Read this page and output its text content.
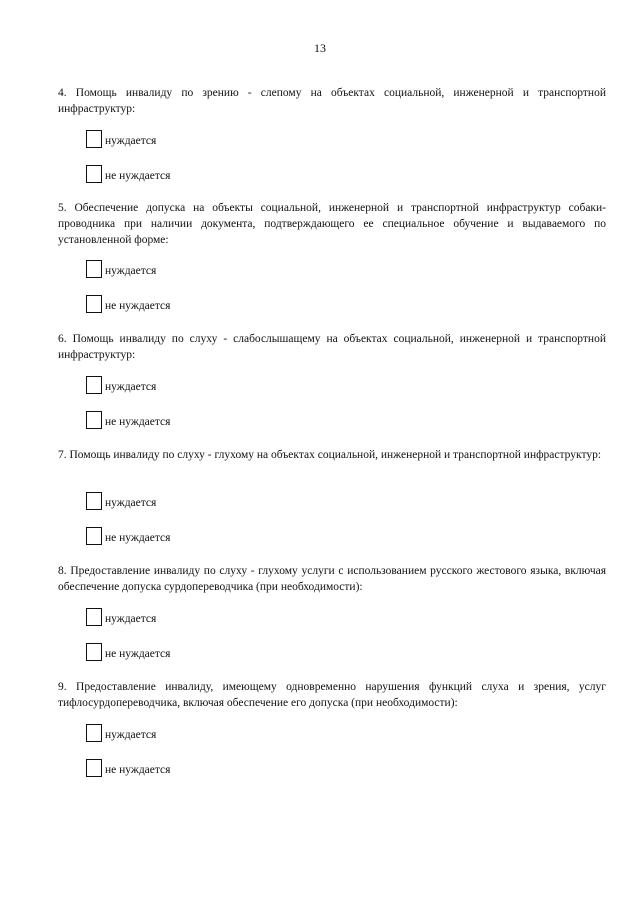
13

4. Помощь инвалиду по зрению - слепому на объектах социальной, инженерной и транспортной инфраструктур:

нуждается
не нуждается

5. Обеспечение допуска на объекты социальной, инженерной и транспортной инфраструктур собаки-проводника при наличии документа, подтверждающего ее специальное обучение и выдаваемого по установленной форме:

нуждается
не нуждается

6. Помощь инвалиду по слуху - слабослышащему на объектах социальной, инженерной и транспортной инфраструктур:

нуждается
не нуждается

7. Помощь инвалиду по слуху - глухому на объектах социальной, инженерной и транспортной инфраструктур:

нуждается
не нуждается

8. Предоставление инвалиду по слуху - глухому услуги с использованием русского жестового языка, включая обеспечение допуска сурдопереводчика (при необходимости):

нуждается
не нуждается

9. Предоставление инвалиду, имеющему одновременно нарушения функций слуха и зрения, услуг тифлосурдопереводчика, включая обеспечение его допуска (при необходимости):

нуждается
не нуждается
